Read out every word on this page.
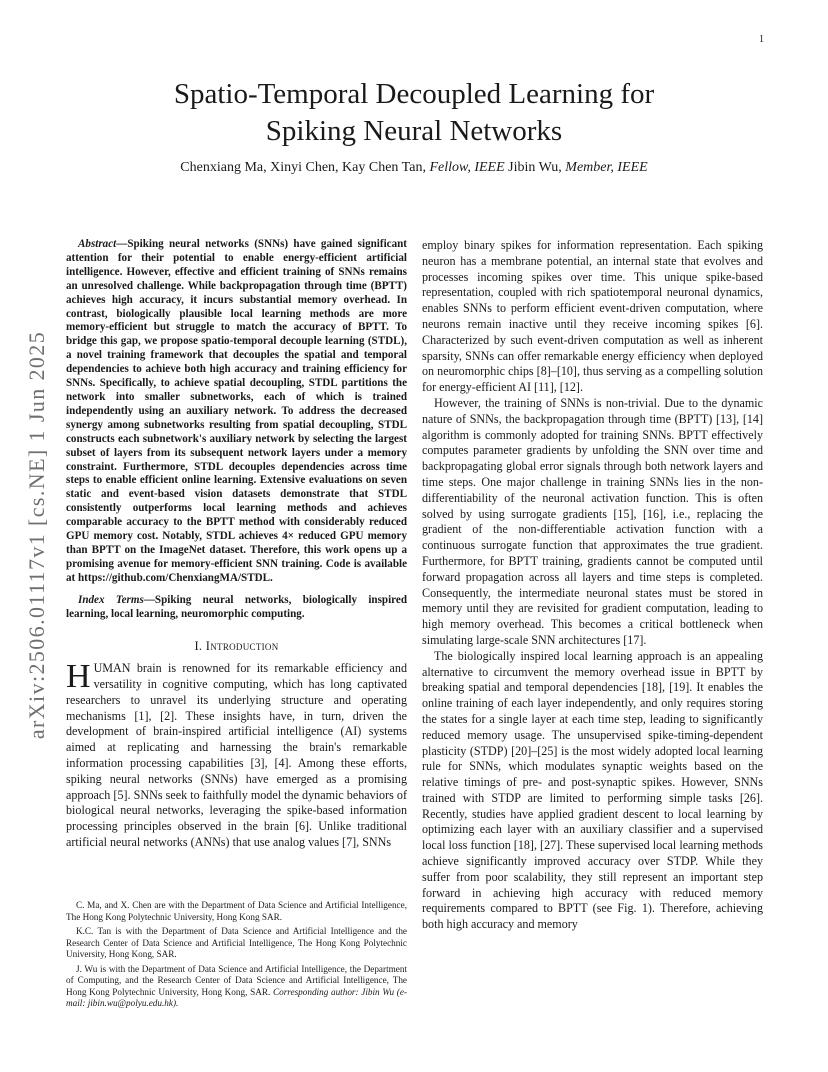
1
arXiv:2506.01117v1 [cs.NE] 1 Jun 2025
Spatio-Temporal Decoupled Learning for
Spiking Neural Networks
Chenxiang Ma, Xinyi Chen, Kay Chen Tan, Fellow, IEEE Jibin Wu, Member, IEEE

Abstract—Spiking neural networks (SNNs) have gained significant attention for their potential to enable energy-efficient artificial intelligence. However, effective and efficient training of SNNs remains an unresolved challenge. While backpropagation through time (BPTT) achieves high accuracy, it incurs substantial memory overhead. In contrast, biologically plausible local learning methods are more memory-efficient but struggle to match the accuracy of BPTT. To bridge this gap, we propose spatio-temporal decouple learning (STDL), a novel training framework that decouples the spatial and temporal dependencies to achieve both high accuracy and training efficiency for SNNs. Specifically, to achieve spatial decoupling, STDL partitions the network into smaller subnetworks, each of which is trained independently using an auxiliary network. To address the decreased synergy among subnetworks resulting from spatial decoupling, STDL constructs each subnetwork's auxiliary network by selecting the largest subset of layers from its subsequent network layers under a memory constraint. Furthermore, STDL decouples dependencies across time steps to enable efficient online learning. Extensive evaluations on seven static and event-based vision datasets demonstrate that STDL consistently outperforms local learning methods and achieves comparable accuracy to the BPTT method with considerably reduced GPU memory cost. Notably, STDL achieves 4× reduced GPU memory than BPTT on the ImageNet dataset. Therefore, this work opens up a promising avenue for memory-efficient SNN training. Code is available at https://github.com/ChenxiangMA/STDL.

Index Terms—Spiking neural networks, biologically inspired learning, local learning, neuromorphic computing.

I. Introduction

HUMAN brain is renowned for its remarkable efficiency and versatility in cognitive computing, which has long captivated researchers to unravel its underlying structure and operating mechanisms [1], [2]. These insights have, in turn, driven the development of brain-inspired artificial intelligence (AI) systems aimed at replicating and harnessing the brain's remarkable information processing capabilities [3], [4]. Among these efforts, spiking neural networks (SNNs) have emerged as a promising approach [5]. SNNs seek to faithfully model the dynamic behaviors of biological neural networks, leveraging the spike-based information processing principles observed in the brain [6]. Unlike traditional artificial neural networks (ANNs) that use analog values [7], SNNs

C. Ma, and X. Chen are with the Department of Data Science and Artificial Intelligence, The Hong Kong Polytechnic University, Hong Kong SAR.

K.C. Tan is with the Department of Data Science and Artificial Intelligence and the Research Center of Data Science and Artificial Intelligence, The Hong Kong Polytechnic University, Hong Kong, SAR.

J. Wu is with the Department of Data Science and Artificial Intelligence, the Department of Computing, and the Research Center of Data Science and Artificial Intelligence, The Hong Kong Polytechnic University, Hong Kong, SAR. Corresponding author: Jibin Wu (e-mail: jibin.wu@polyu.edu.hk).

employ binary spikes for information representation. Each spiking neuron has a membrane potential, an internal state that evolves and processes incoming spikes over time. This unique spike-based representation, coupled with rich spatiotemporal neuronal dynamics, enables SNNs to perform efficient event-driven computation, where neurons remain inactive until they receive incoming spikes [6]. Characterized by such event-driven computation as well as inherent sparsity, SNNs can offer remarkable energy efficiency when deployed on neuromorphic chips [8]–[10], thus serving as a compelling solution for energy-efficient AI [11], [12].

However, the training of SNNs is non-trivial. Due to the dynamic nature of SNNs, the backpropagation through time (BPTT) [13], [14] algorithm is commonly adopted for training SNNs. BPTT effectively computes parameter gradients by unfolding the SNN over time and backpropagating global error signals through both network layers and time steps. One major challenge in training SNNs lies in the non-differentiability of the neuronal activation function. This is often solved by using surrogate gradients [15], [16], i.e., replacing the gradient of the non-differentiable activation function with a continuous surrogate function that approximates the true gradient. Furthermore, for BPTT training, gradients cannot be computed until forward propagation across all layers and time steps is completed. Consequently, the intermediate neuronal states must be stored in memory until they are revisited for gradient computation, leading to high memory overhead. This becomes a critical bottleneck when simulating large-scale SNN architectures [17].

The biologically inspired local learning approach is an appealing alternative to circumvent the memory overhead issue in BPTT by breaking spatial and temporal dependencies [18], [19]. It enables the online training of each layer independently, and only requires storing the states for a single layer at each time step, leading to significantly reduced memory usage. The unsupervised spike-timing-dependent plasticity (STDP) [20]–[25] is the most widely adopted local learning rule for SNNs, which modulates synaptic weights based on the relative timings of pre- and post-synaptic spikes. However, SNNs trained with STDP are limited to performing simple tasks [26]. Recently, studies have applied gradient descent to local learning by optimizing each layer with an auxiliary classifier and a supervised local loss function [18], [27]. These supervised local learning methods achieve significantly improved accuracy over STDP. While they suffer from poor scalability, they still represent an important step forward in achieving high accuracy with reduced memory requirements compared to BPTT (see Fig. 1). Therefore, achieving both high accuracy and memory
